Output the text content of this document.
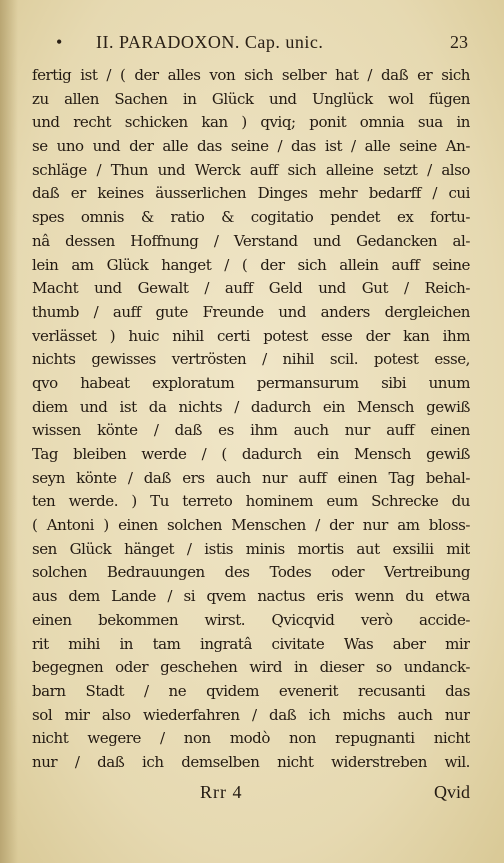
• II. PARADOXON. Cap. unic.	23
fertig ist / ( der alles von sich selber hat / daß er sich
zu allen Sachen in Glück und Unglück wol fügen
und recht schicken kan ) qviq; ponit omnia sua in
se uno und der alle das seine / das ist / alle seine An-
schläge / Thun und Werck auff sich alleine setzt / also
daß er keines äusserlichen Dinges mehr bedarff / cui
spes omnis & ratio & cogitatio pendet ex fortu-
nâ dessen Hoffnung / Verstand und Gedancken al-
lein am Glück hanget / ( der sich allein auff seine
Macht und Gewalt / auff Geld und Gut / Reich-
thumb / auff gute Freunde und anders dergleichen
verlässet ) huic nihil certi potest esse der kan ihm
nichts gewisses vertrösten / nihil scil. potest esse,
qvo habeat exploratum permansurum sibi unum
diem und ist da nichts / dadurch ein Mensch gewiß
wissen könte / daß es ihm auch nur auff einen
Tag bleiben werde / ( dadurch ein Mensch gewiß
seyn könte / daß ers auch nur auff einen Tag behal-
ten werde. ) Tu terreto hominem eum Schrecke du
( Antoni ) einen solchen Menschen / der nur am bloss-
sen Glück hänget / istis minis mortis aut exsilii mit
solchen Bedrauungen des Todes oder Vertreibung
aus dem Lande / si qvem nactus eris wenn du etwa
einen bekommen wirst. Qvicqvid verò accide-
rit mihi in tam ingratâ civitate Was aber mir
begegnen oder geschehen wird in dieser so undanck-
barn Stadt / ne qvidem evenerit recusanti das
sol mir also wiederfahren / daß ich michs auch nur
nicht wegere / non modò non repugnanti nicht
nur / daß ich demselben nicht widerstreben wil.
Rrr 4	Qvid
